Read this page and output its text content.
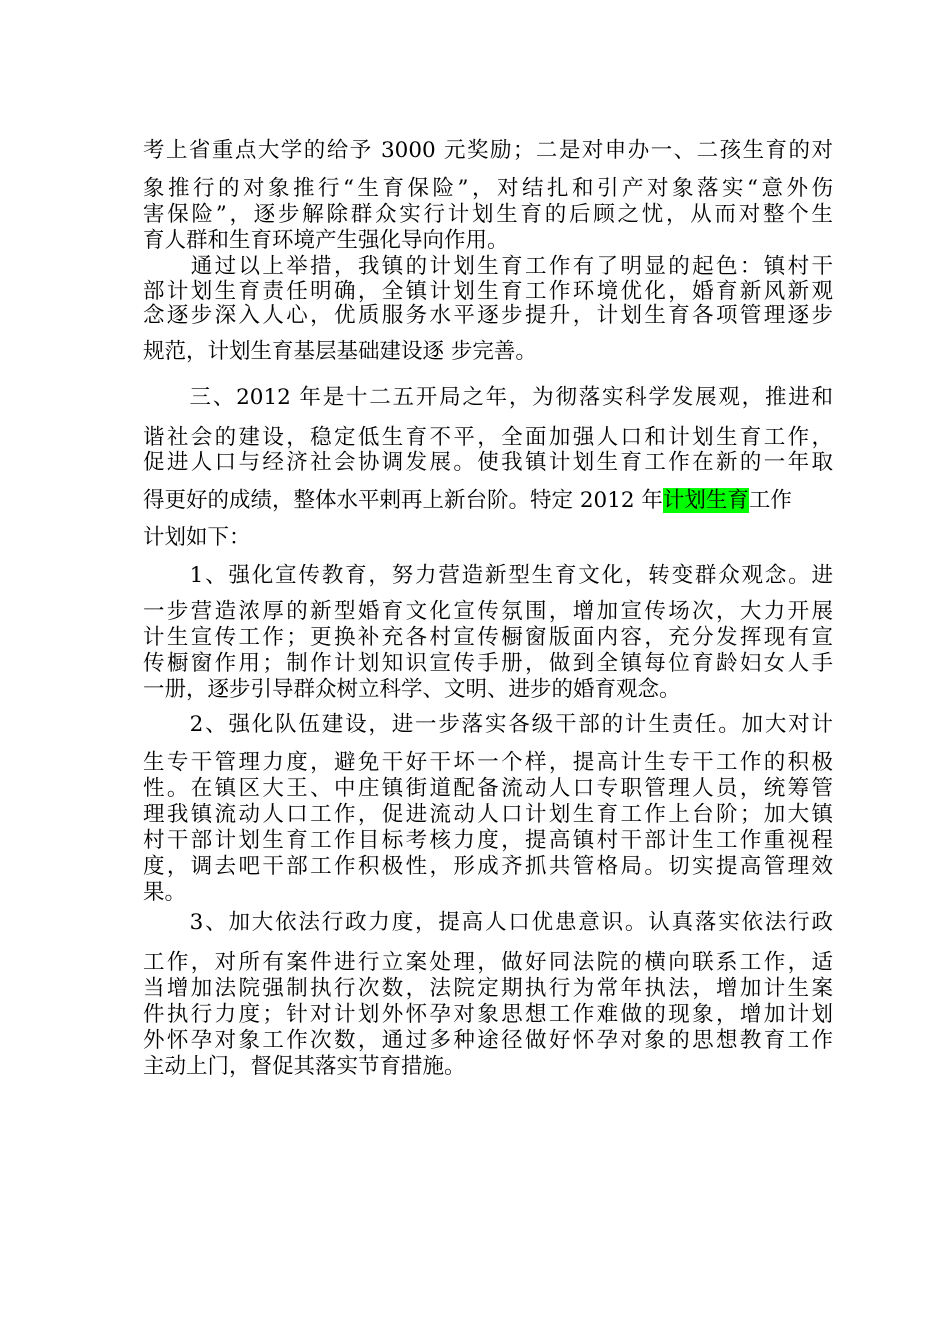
考上省重点大学的给予 3000 元奖励；二是对申办一、二孩生育的对
象推行的对象推行“生育保险”，对结扎和引产对象落实“意外伤
害保险”，逐步解除群众实行计划生育的后顾之忧，从而对整个生
育人群和生育环境产生强化导向作用。
　　通过以上举措，我镇的计划生育工作有了明显的起色：镇村干
部计划生育责任明确，全镇计划生育工作环境优化，婚育新风新观
念逐步深入人心，优质服务水平逐步提升，计划生育各项管理逐步
规范，计划生育基层基础建设逐 步完善。
　　三、2012 年是十二五开局之年，为彻落实科学发展观，推进和
谐社会的建设，稳定低生育不平，全面加强人口和计划生育工作，
促进人口与经济社会协调发展。使我镇计划生育工作在新的一年取
得更好的成绩，整体水平剌再上新台阶。特定 2012 年计划生育工作
计划如下：
　　1、强化宣传教育，努力营造新型生育文化，转变群众观念。进
一步营造浓厚的新型婚育文化宣传氛围，增加宣传场次，大力开展
计生宣传工作；更换补充各村宣传橱窗版面内容，充分发挥现有宣
传橱窗作用；制作计划知识宣传手册，做到全镇每位育龄妇女人手
一册，逐步引导群众树立科学、文明、进步的婚育观念。
　　2、强化队伍建设，进一步落实各级干部的计生责任。加大对计
生专干管理力度，避免干好干坏一个样，提高计生专干工作的积极
性。在镇区大王、中庄镇街道配备流动人口专职管理人员，统筹管
理我镇流动人口工作，促进流动人口计划生育工作上台阶；加大镇
村干部计划生育工作目标考核力度，提高镇村干部计生工作重视程
度，调去吧干部工作积极性，形成齐抓共管格局。切实提高管理效
果。
　　3、加大依法行政力度，提高人口优患意识。认真落实依法行政
工作，对所有案件进行立案处理，做好同法院的横向联系工作，适
当增加法院强制执行次数，法院定期执行为常年执法，增加计生案
件执行力度；针对计划外怀孕对象思想工作难做的现象，增加计划
外怀孕对象工作次数，通过多种途径做好怀孕对象的思想教育工作
主动上门，督促其落实节育措施。
